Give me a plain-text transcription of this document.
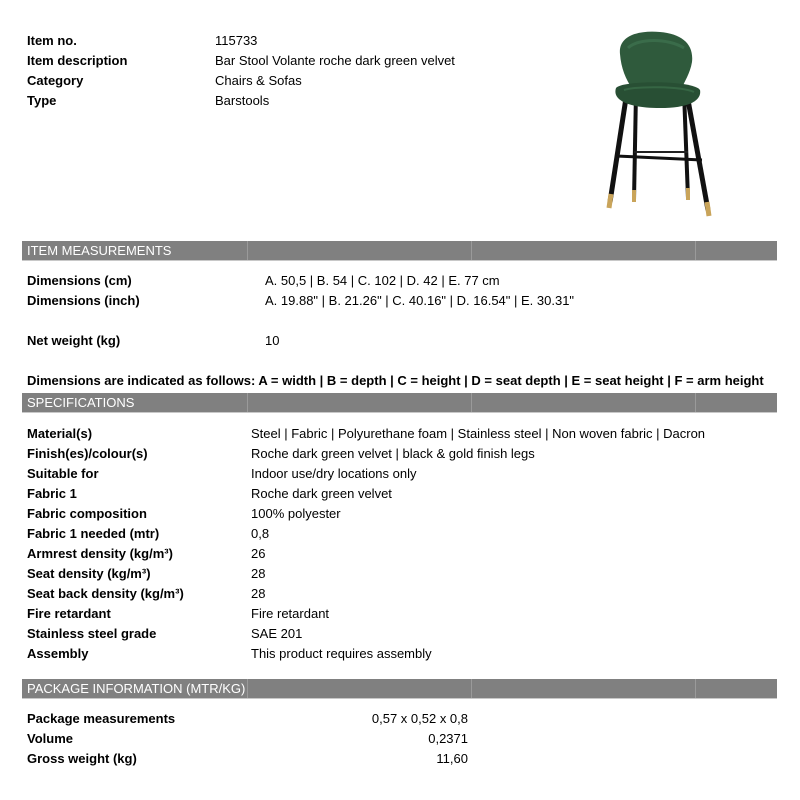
Item no.	115733
Item description	Bar Stool Volante roche dark green velvet
Category	Chairs & Sofas
Type	Barstools
ITEM MEASUREMENTS
Dimensions (cm)	A. 50,5 | B. 54 | C. 102 | D. 42 | E. 77 cm
Dimensions (inch)	A. 19.88" | B. 21.26" | C. 40.16" | D. 16.54" | E. 30.31"
Net weight (kg)	10
Dimensions are indicated as follows: A = width | B = depth | C = height | D = seat depth | E = seat height | F = arm height
SPECIFICATIONS
Material(s)	Steel | Fabric | Polyurethane foam | Stainless steel | Non woven fabric | Dacron
Finish(es)/colour(s)	Roche dark green velvet | black & gold finish legs
Suitable for	Indoor use/dry locations only
Fabric 1	Roche dark green velvet
Fabric composition	100% polyester
Fabric 1 needed (mtr)	0,8
Armrest density (kg/m³)	26
Seat density (kg/m³)	28
Seat back density (kg/m³)	28
Fire retardant	Fire retardant
Stainless steel grade	SAE 201
Assembly	This product requires assembly
PACKAGE INFORMATION (MTR/KG)
Package measurements	0,57 x 0,52 x 0,8
Volume	0,2371
Gross weight (kg)	11,60
